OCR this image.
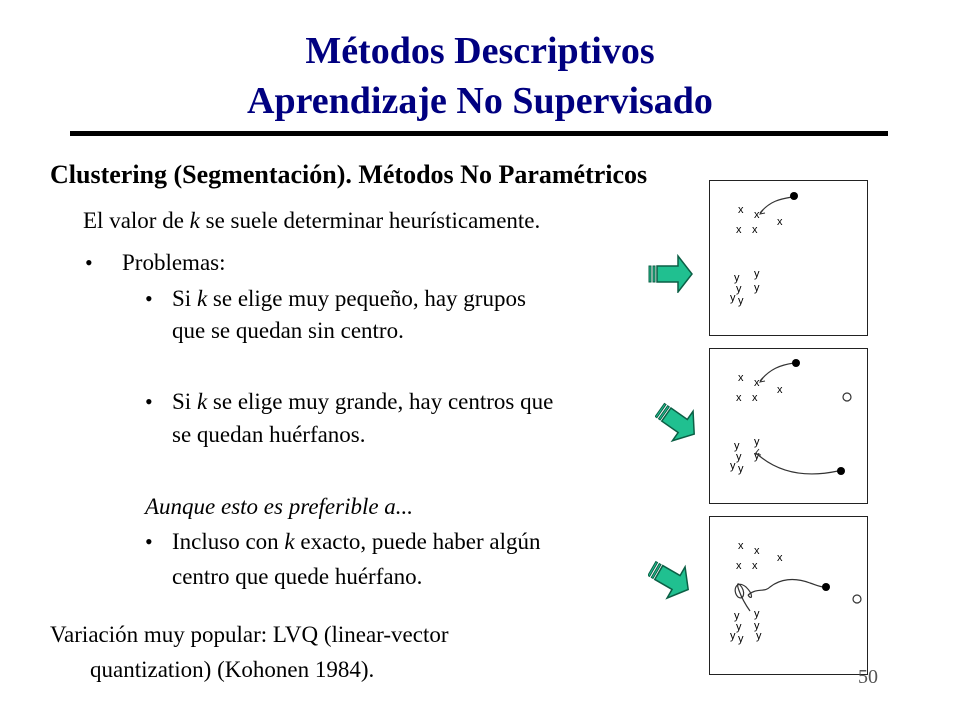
Métodos Descriptivos
Aprendizaje No Supervisado
Clustering (Segmentación). Métodos No Paramétricos
El valor de k se suele determinar heurísticamente.
• Problemas:
• Si k se elige muy pequeño, hay grupos
que se quedan sin centro.
• Si k se elige muy grande, hay centros que
se quedan huérfanos.
Aunque esto es preferible a...
• Incluso con k exacto, puede haber algún
centro que quede huérfano.
Variación muy popular: LVQ (linear-vector
quantization) (Kohonen 1984).
x x
x
x x
y y
y y
y y
x x
x
x x
y y
y y
y y
x x
x
x x
y y
y y
y y y
50
